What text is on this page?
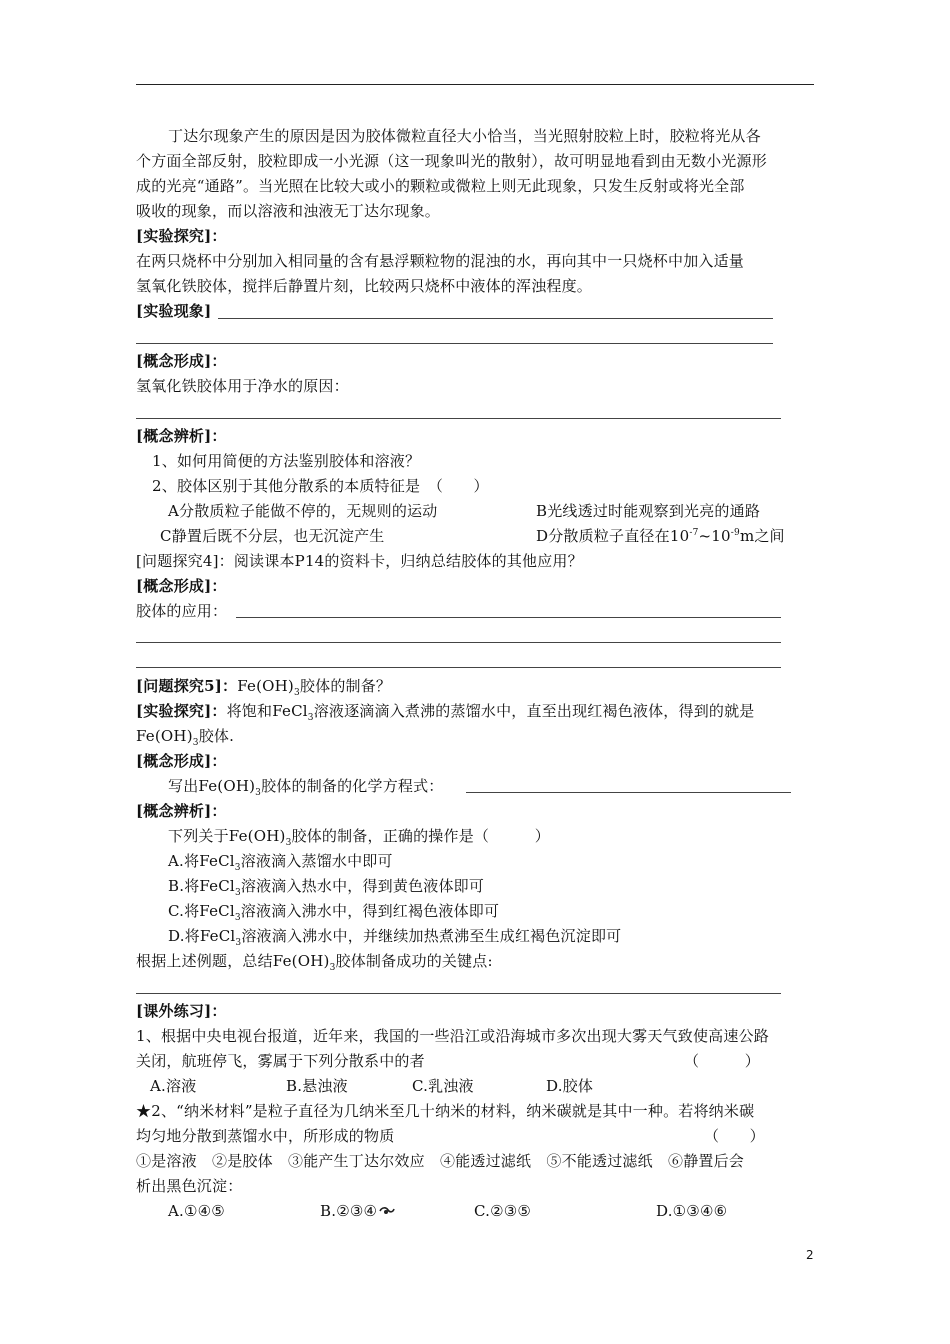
丁达尔现象产生的原因是因为胶体微粒直径大小恰当，当光照射胶粒上时，胶粒将光从各
个方面全部反射，胶粒即成一小光源（这一现象叫光的散射），故可明显地看到由无数小光源形
成的光亮“通路”。当光照在比较大或小的颗粒或微粒上则无此现象，只发生反射或将光全部
吸收的现象，而以溶液和浊液无丁达尔现象。
[实验探究]：
在两只烧杯中分别加入相同量的含有悬浮颗粒物的混浊的水，再向其中一只烧杯中加入适量
氢氧化铁胶体，搅拌后静置片刻，比较两只烧杯中液体的浑浊程度。
[实验现象]
[概念形成]：
氢氧化铁胶体用于净水的原因：
[概念辨析]：
1、如何用简便的方法鉴别胶体和溶液？
2、胶体区别于其他分散系的本质特征是　（　　）
A分散质粒子能做不停的，无规则的运动	B光线透过时能观察到光亮的通路
C静置后既不分层，也无沉淀产生	D分散质粒子直径在$10^{-7}\sim 10^{-9}m$之间
[问题探究4]：阅读课本P14的资料卡，归纳总结胶体的其他应用？
[概念形成]：
胶体的应用：
[问题探究5]：$Fe(OH)_3$胶体的制备？
[实验探究]：将饱和FeCl$_3$溶液逐滴滴入煮沸的蒸馏水中，直至出现红褐色液体，得到的就是
$Fe(OH)_3$胶体.
[概念形成]：
写出$Fe(OH)_3$胶体的制备的化学方程式：
[概念辨析]：
下列关于$Fe(OH)_3$胶体的制备，正确的操作是（　　　）
A.将FeCl$_3$溶液滴入蒸馏水中即可
B.将FeCl$_3$溶液滴入热水中，得到黄色液体即可
C.将FeCl$_3$溶液滴入沸水中，得到红褐色液体即可
D.将FeCl$_3$溶液滴入沸水中，并继续加热煮沸至生成红褐色沉淀即可
根据上述例题，总结$Fe(OH)_3$胶体制备成功的关键点:
[课外练习]：
1、根据中央电视台报道，近年来，我国的一些沿江或沿海城市多次出现大雾天气致使高速公路
关闭，航班停飞，雾属于下列分散系中的者	（　　　）
A.溶液	B.悬浊液	C.乳浊液	D.胶体
★2、“纳米材料”是粒子直径为几纳米至几十纳米的材料，纳米碳就是其中一种。若将纳米碳
均匀地分散到蒸馏水中，所形成的物质	（　　）
①是溶液　②是胶体　③能产生丁达尔效应　④能透过滤纸　⑤不能透过滤纸　⑥静置后会
析出黑色沉淀：
A.①④⑤	B.②③④	C.②③⑤	D.①③④⑥
2
